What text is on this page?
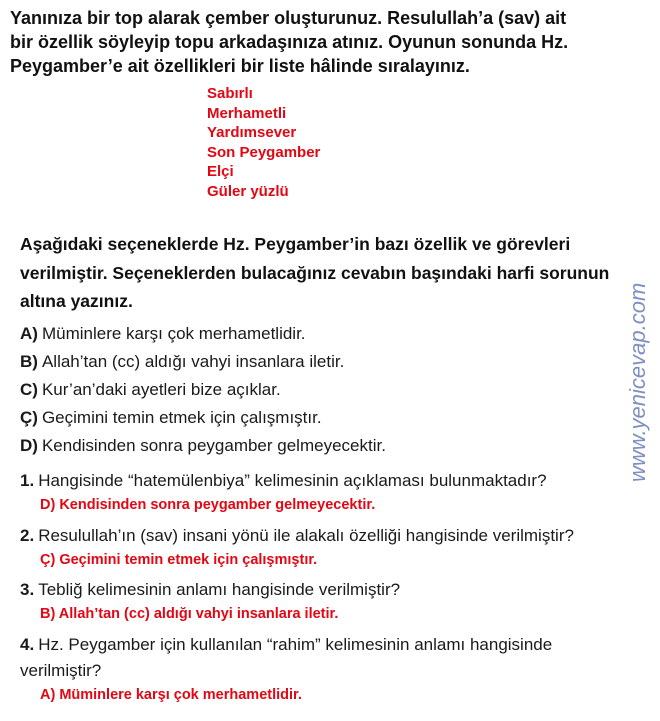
Yanınıza bir top alarak çember oluşturunuz. Resulullah’a (sav) ait bir özellik söyleyip topu arkadaşınıza atınız. Oyunun sonunda Hz. Peygamber’e ait özellikleri bir liste hâlinde sıralayınız.
Sabırlı
Merhametli
Yardımsever
Son Peygamber
Elçi
Güler yüzlü
Aşağıdaki seçeneklerde Hz. Peygamber’in bazı özellik ve görevleri verilmiştir. Seçeneklerden bulacağınız cevabın başındaki harfi sorunun altına yazınız.
A) Müminlere karşı çok merhametlidir.
B) Allah’tan (cc) aldığı vahyi insanlara iletir.
C) Kur’an’daki ayetleri bize açıklar.
Ç) Geçimini temin etmek için çalışmıştır.
D) Kendisinden sonra peygamber gelmeyecektir.
1. Hangisinde “hatemülenbiya” kelimesinin açıklaması bulunmaktadır?
D) Kendisinden sonra peygamber gelmeyecektir.
2. Resulullah’ın (sav) insani yönü ile alakalı özelliği hangisinde verilmiştir?
Ç) Geçimini temin etmek için çalışmıştır.
3. Tebliğ kelimesinin anlamı hangisinde verilmiştir?
B) Allah’tan (cc) aldığı vahyi insanlara iletir.
4. Hz. Peygamber için kullanılan “rahim” kelimesinin anlamı hangisinde verilmiştir?
A) Müminlere karşı çok merhametlidir.
www.yenicevap.com
